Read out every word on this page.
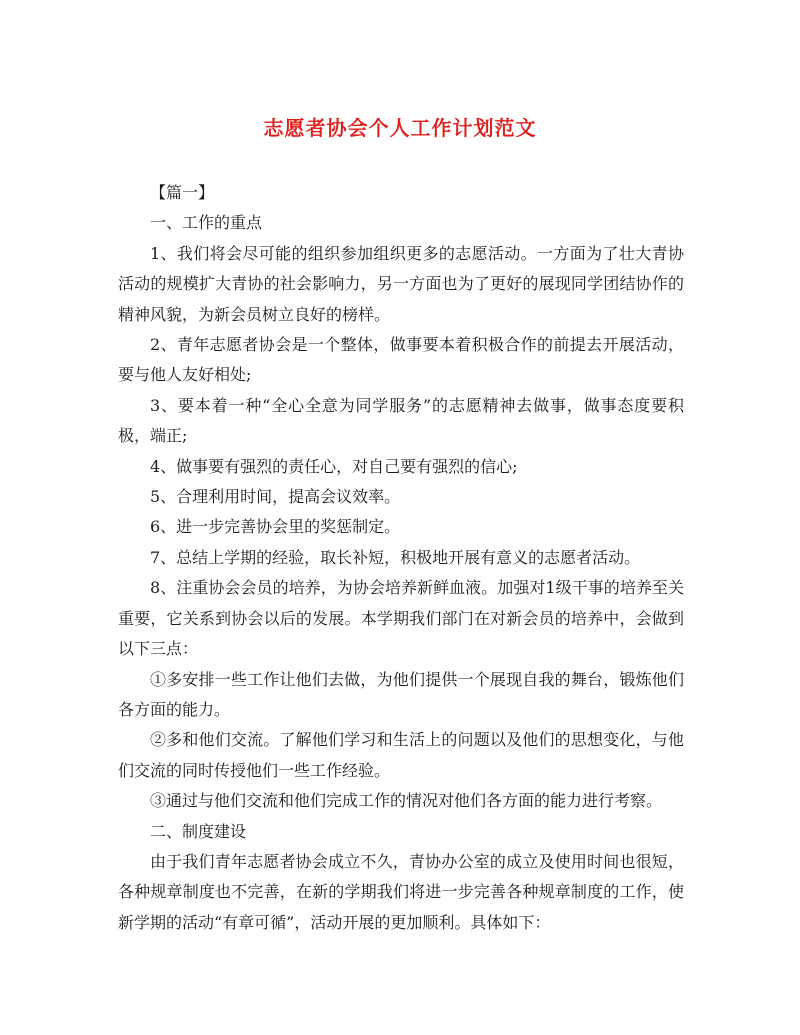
志愿者协会个人工作计划范文

【篇一】

一、工作的重点

1、我们将会尽可能的组织参加组织更多的志愿活动。一方面为了壮大青协活动的规模扩大青协的社会影响力，另一方面也为了更好的展现同学团结协作的精神风貌，为新会员树立良好的榜样。

2、青年志愿者协会是一个整体，做事要本着积极合作的前提去开展活动，要与他人友好相处;

3、要本着一种“全心全意为同学服务”的志愿精神去做事，做事态度要积极，端正;

4、做事要有强烈的责任心，对自己要有强烈的信心;

5、合理利用时间，提高会议效率。

6、进一步完善协会里的奖惩制定。

7、总结上学期的经验，取长补短，积极地开展有意义的志愿者活动。

8、注重协会会员的培养，为协会培养新鲜血液。加强对1级干事的培养至关重要，它关系到协会以后的发展。本学期我们部门在对新会员的培养中，会做到以下三点：

①多安排一些工作让他们去做，为他们提供一个展现自我的舞台，锻炼他们各方面的能力。

②多和他们交流。了解他们学习和生活上的问题以及他们的思想变化，与他们交流的同时传授他们一些工作经验。

③通过与他们交流和他们完成工作的情况对他们各方面的能力进行考察。

二、制度建设

由于我们青年志愿者协会成立不久，青协办公室的成立及使用时间也很短，各种规章制度也不完善，在新的学期我们将进一步完善各种规章制度的工作，使新学期的活动“有章可循”，活动开展的更加顺利。具体如下：
